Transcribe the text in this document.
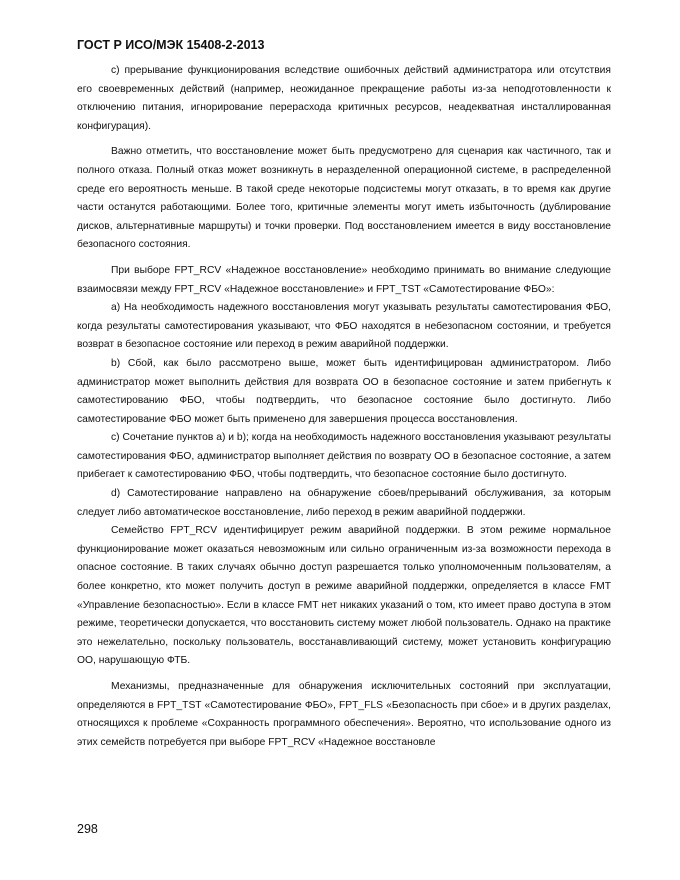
ГОСТ Р ИСО/МЭК 15408-2-2013

c) прерывание функционирования вследствие ошибочных действий администратора или отсутствия его своевременных действий (например, неожиданное прекращение работы из-за неподготовленности к отключению питания, игнорирование перерасхода критичных ресурсов, неадекватная инсталлированная конфигурация).

Важно отметить, что восстановление может быть предусмотрено для сценария как частичного, так и полного отказа. Полный отказ может возникнуть в неразделенной операционной системе, в распределенной среде его вероятность меньше. В такой среде некоторые подсистемы могут отказать, в то время как другие части останутся работающими. Более того, критичные элементы могут иметь избыточность (дублирование дисков, альтернативные маршруты) и точки проверки. Под восстановлением имеется в виду восстановление безопасного состояния.

При выборе FPT_RCV «Надежное восстановление» необходимо принимать во внимание следующие взаимосвязи между FPT_RCV «Надежное восстановление» и FPT_TST «Самотестирование ФБО»:

a) На необходимость надежного восстановления могут указывать результаты самотестирования ФБО, когда результаты самотестирования указывают, что ФБО находятся в небезопасном состоянии, и требуется возврат в безопасное состояние или переход в режим аварийной поддержки.

b) Сбой, как было рассмотрено выше, может быть идентифицирован администратором. Либо администратор может выполнить действия для возврата ОО в безопасное состояние и затем прибегнуть к самотестированию ФБО, чтобы подтвердить, что безопасное состояние было достигнуто. Либо самотестирование ФБО может быть применено для завершения процесса восстановления.

c) Сочетание пунктов a) и b); когда на необходимость надежного восстановления указывают результаты самотестирования ФБО, администратор выполняет действия по возврату ОО в безопасное состояние, а затем прибегает к самотестированию ФБО, чтобы подтвердить, что безопасное состояние было достигнуто.

d) Самотестирование направлено на обнаружение сбоев/прерываний обслуживания, за которым следует либо автоматическое восстановление, либо переход в режим аварийной поддержки.

Семейство FPT_RCV идентифицирует режим аварийной поддержки. В этом режиме нормальное функционирование может оказаться невозможным или сильно ограниченным из-за возможности перехода в опасное состояние. В таких случаях обычно доступ разрешается только уполномоченным пользователям, а более конкретно, кто может получить доступ в режиме аварийной поддержки, определяется в классе FMT «Управление безопасностью». Если в классе FMT нет никаких указаний о том, кто имеет право доступа в этом режиме, теоретически допускается, что восстановить систему может любой пользователь. Однако на практике это нежелательно, поскольку пользователь, восстанавливающий систему, может установить конфигурацию ОО, нарушающую ФТБ.

Механизмы, предназначенные для обнаружения исключительных состояний при эксплуатации, определяются в FPT_TST «Самотестирование ФБО», FPT_FLS «Безопасность при сбое» и в других разделах, относящихся к проблеме «Сохранность программного обеспечения». Вероятно, что использование одного из этих семейств потребуется при выборе FPT_RCV «Надежное восстановле

298
